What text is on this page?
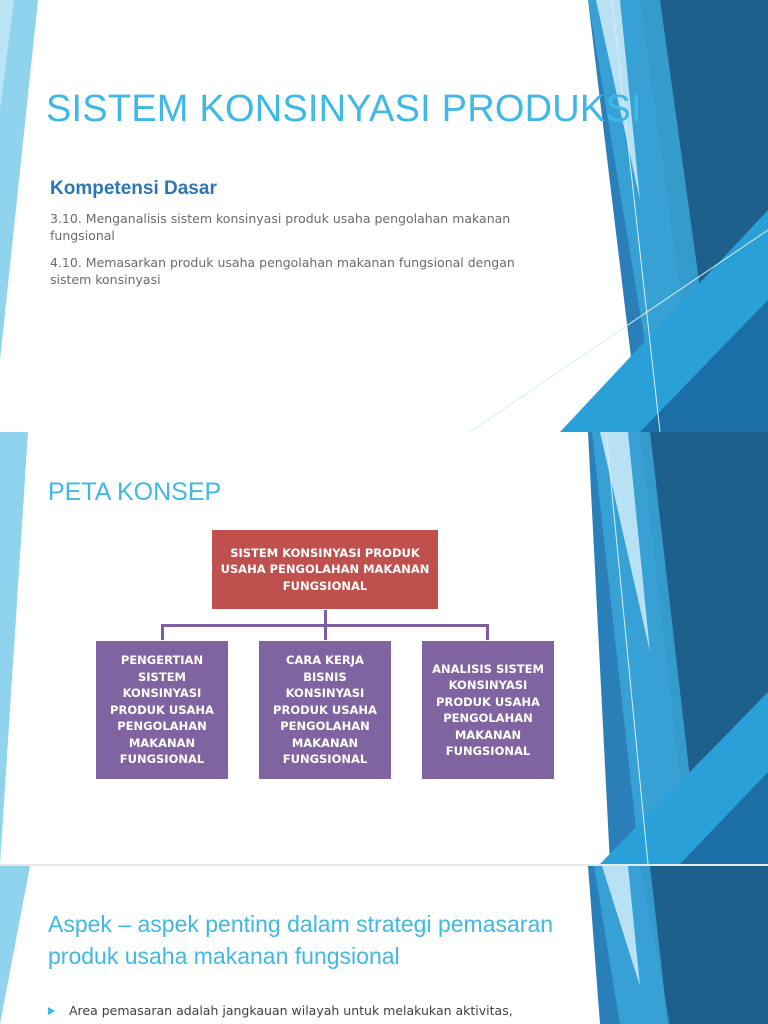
SISTEM KONSINYASI PRODUKSI
Kompetensi Dasar
3.10. Menganalisis sistem konsinyasi produk usaha pengolahan makanan fungsional
4.10. Memasarkan produk usaha pengolahan makanan fungsional dengan sistem konsinyasi
PETA KONSEP
SISTEM KONSINYASI PRODUK
USAHA PENGOLAHAN MAKANAN
FUNGSIONAL
PENGERTIAN
SISTEM KONSINYASI
PRODUK USAHA
PENGOLAHAN
MAKANAN
FUNGSIONAL
CARA KERJA BISNIS
KONSINYASI
PRODUK USAHA
PENGOLAHAN
MAKANAN
FUNGSIONAL
ANALISIS SISTEM
KONSINYASI
PRODUK USAHA
PENGOLAHAN
MAKANAN
FUNGSIONAL
Aspek – aspek penting dalam strategi pemasaran produk usaha makanan fungsional
Area pemasaran adalah jangkauan wilayah untuk melakukan aktivitas,
